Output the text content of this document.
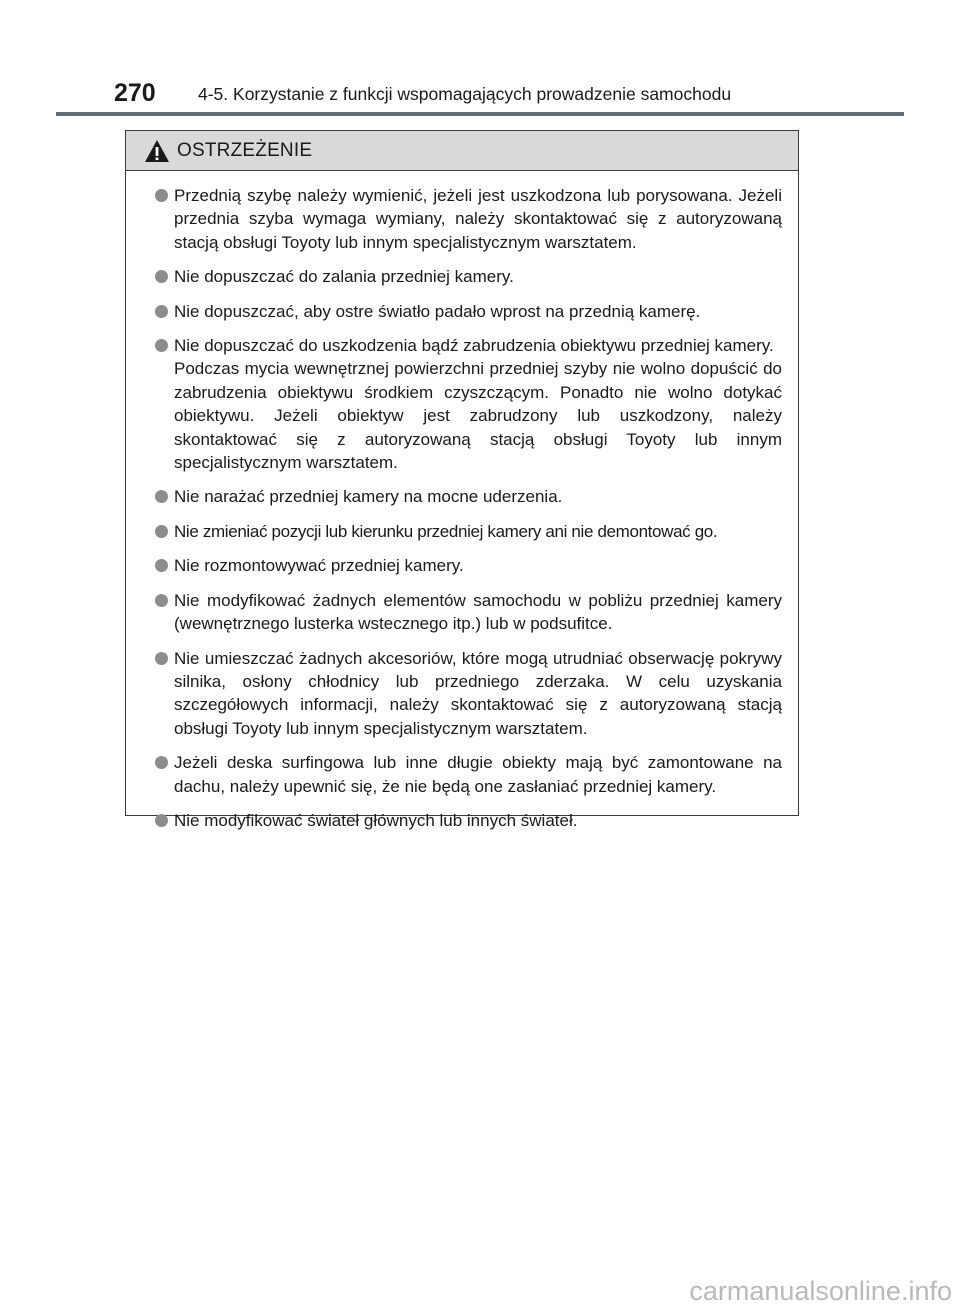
270 4-5. Korzystanie z funkcji wspomagających prowadzenie samochodu
OSTRZEŻENIE
Przednią szybę należy wymienić, jeżeli jest uszkodzona lub porysowana. Jeżeli przednia szyba wymaga wymiany, należy skontaktować się z autoryzowaną stacją obsługi Toyoty lub innym specjalistycznym warsztatem.
Nie dopuszczać do zalania przedniej kamery.
Nie dopuszczać, aby ostre światło padało wprost na przednią kamerę.
Nie dopuszczać do uszkodzenia bądź zabrudzenia obiektywu przedniej kamery.
Podczas mycia wewnętrznej powierzchni przedniej szyby nie wolno dopuścić do zabrudzenia obiektywu środkiem czyszczącym. Ponadto nie wolno dotykać obiektywu. Jeżeli obiektyw jest zabrudzony lub uszkodzony, należy skontaktować się z autoryzowaną stacją obsługi Toyoty lub innym specjalistycznym warsztatem.
Nie narażać przedniej kamery na mocne uderzenia.
Nie zmieniać pozycji lub kierunku przedniej kamery ani nie demontować go.
Nie rozmontowywać przedniej kamery.
Nie modyfikować żadnych elementów samochodu w pobliżu przedniej kamery (wewnętrznego lusterka wstecznego itp.) lub w podsufitce.
Nie umieszczać żadnych akcesoriów, które mogą utrudniać obserwację pokrywy silnika, osłony chłodnicy lub przedniego zderzaka. W celu uzyskania szczegółowych informacji, należy skontaktować się z autoryzowaną stacją obsługi Toyoty lub innym specjalistycznym warsztatem.
Jeżeli deska surfingowa lub inne długie obiekty mają być zamontowane na dachu, należy upewnić się, że nie będą one zasłaniać przedniej kamery.
Nie modyfikować świateł głównych lub innych świateł.
carmanualsonline.info
